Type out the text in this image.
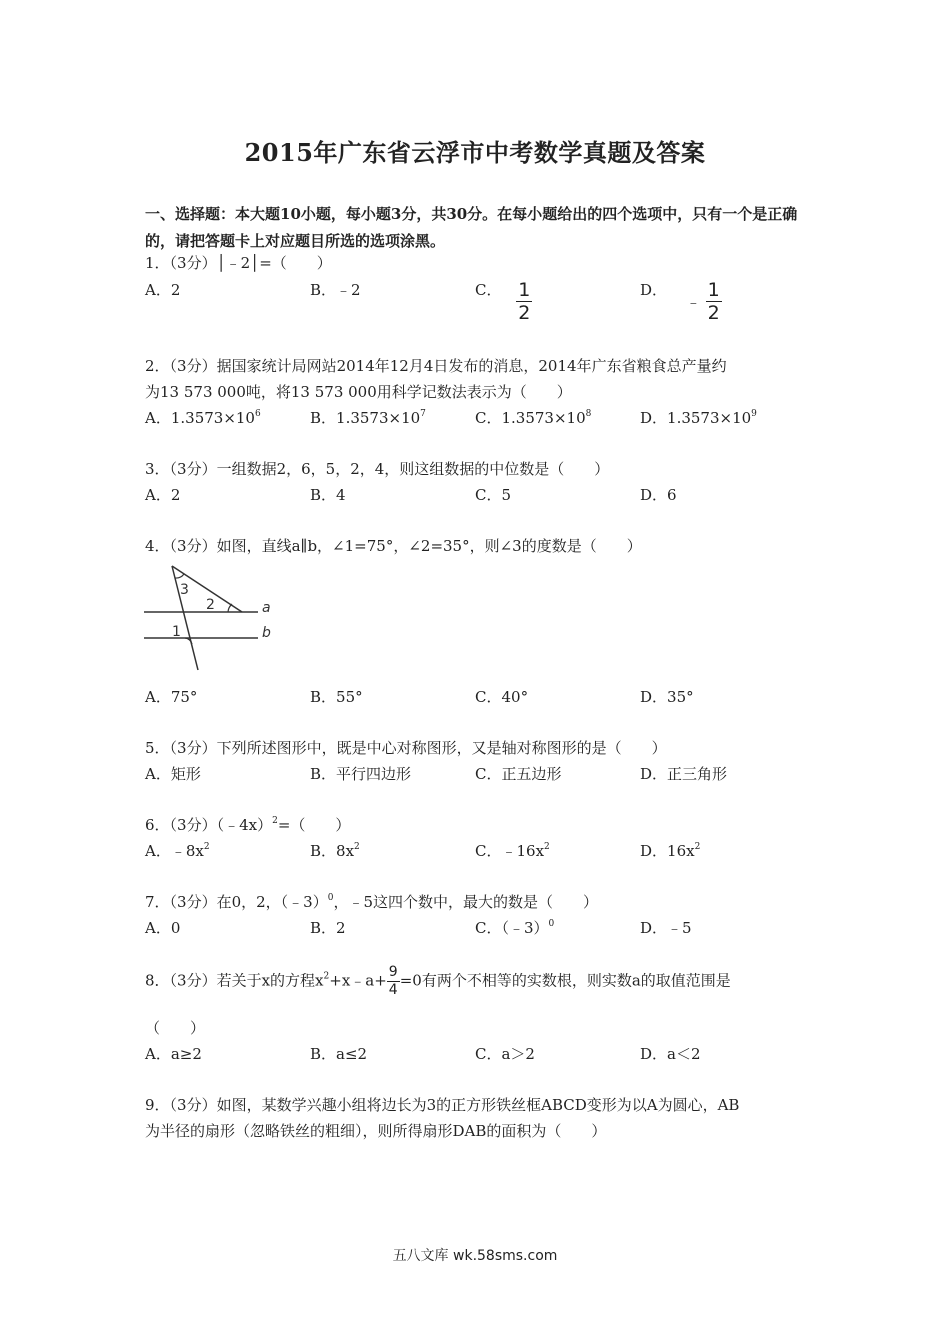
2015年广东省云浮市中考数学真题及答案
一、选择题：本大题10小题，每小题3分，共30分。在每小题给出的四个选项中，只有一个是正确的，请把答题卡上对应题目所选的选项涂黑。
1．（3分）│﹣2│=（　　）
A．2	B．﹣2	C． $\frac{1}{2}$	D． ﹣ $\frac{1}{2}$
2．（3分）据国家统计局网站2014年12月4日发布的消息，2014年广东省粮食总产量约
为13 573 000吨，将13 573 000用科学记数法表示为（　　）
A．$1.3573\times 10^6$	B．$1.3573\times 10^7$	C．$1.3573\times 10^8$	D．$1.3573\times 10^9$
3．（3分）一组数据2，6，5，2，4，则这组数据的中位数是（　　）
A．2	B．4	C．5	D．6
4．（3分）如图，直线a∥b，∠1=75°，∠2=35°，则∠3的度数是（　　）
3
2
1
a
b
A．75°	B．55°	C．40°	D．35°
5．（3分）下列所述图形中，既是中心对称图形，又是轴对称图形的是（　　）
A．矩形	B．平行四边形	C．正五边形	D．正三角形
6．（3分）（﹣4x）$^2$=（　　）
A．$﹣8x^2$	B．$8x^2$	C．$﹣16x^2$	D．$16x^2$
7．（3分）在0，2，（﹣3）$^0$，﹣5这四个数中，最大的数是（　　）
A．0	B．2	C．（﹣3）$^0$	D．﹣5
8．（3分）若关于x的方程$x^2+x﹣a+ \frac{9}{4} =0$有两个不相等的实数根，则实数a的取值范围是
（　　）
A．a≥2	B．a≤2	C．a＞2	D．a＜2
9．（3分）如图，某数学兴趣小组将边长为3的正方形铁丝框ABCD变形为以A为圆心，AB
为半径的扇形（忽略铁丝的粗细），则所得扇形DAB的面积为（　　）
五八文库 wk.58sms.com
